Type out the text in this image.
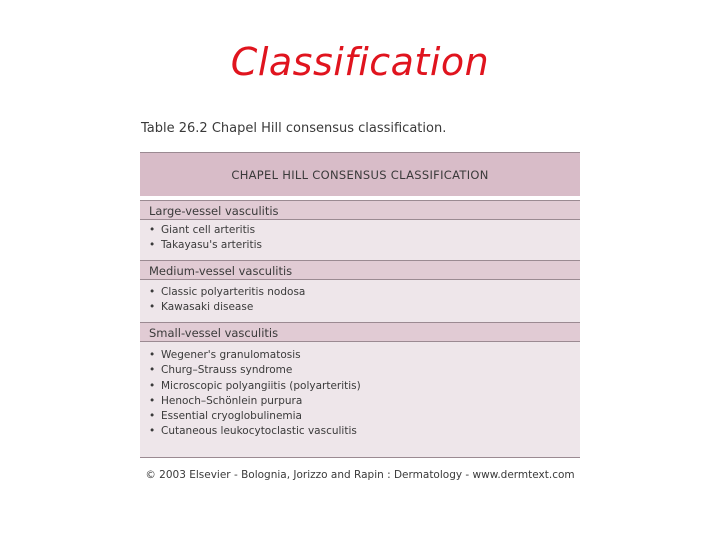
Classification
Table 26.2 Chapel Hill consensus classification.
CHAPEL HILL CONSENSUS CLASSIFICATION
Large-vessel vasculitis
• Giant cell arteritis
• Takayasu's arteritis
Medium-vessel vasculitis
• Classic polyarteritis nodosa
• Kawasaki disease
Small-vessel vasculitis
• Wegener's granulomatosis
• Churg–Strauss syndrome
• Microscopic polyangiitis (polyarteritis)
• Henoch–Schönlein purpura
• Essential cryoglobulinemia
• Cutaneous leukocytoclastic vasculitis
© 2003 Elsevier - Bolognia, Jorizzo and Rapin : Dermatology - www.dermtext.com
